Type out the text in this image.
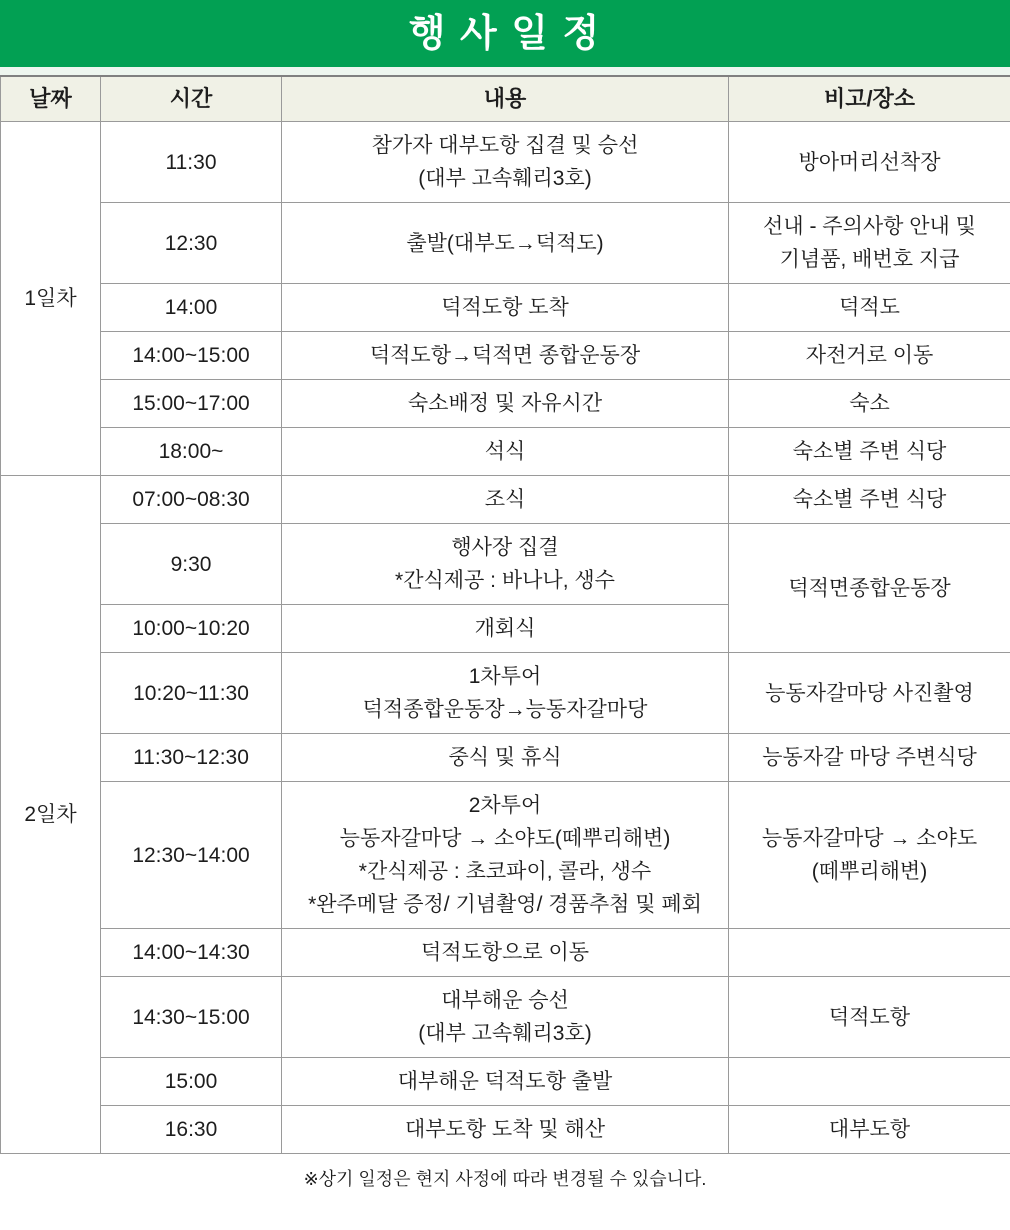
행 사 일 정
날짜	시간	내용	비고/장소

1일차	11:30	참가자 대부도항 집결 및 승선
(대부 고속훼리3호)	방아머리선착장

	12:30	출발(대부도→덕적도)	선내 - 주의사항 안내 및
기념품, 배번호 지급

	14:00	덕적도항 도착	덕적도

	14:00~15:00	덕적도항→덕적면 종합운동장	자전거로 이동

	15:00~17:00	숙소배정 및 자유시간	숙소

	18:00~	석식	숙소별 주변 식당

2일차	07:00~08:30	조식	숙소별 주변 식당

	9:30	행사장 집결
*간식제공 : 바나나, 생수	덕적면종합운동장

	10:00~10:20	개회식	

	10:20~11:30	1차투어
덕적종합운동장→능동자갈마당	능동자갈마당 사진촬영

	11:30~12:30	중식 및 휴식	능동자갈 마당 주변식당

	12:30~14:00	2차투어
능동자갈마당 → 소야도(떼뿌리해변)
*간식제공 : 초코파이, 콜라, 생수
*완주메달 증정/ 기념촬영/ 경품추첨 및 폐회	능동자갈마당 → 소야도
(떼뿌리해변)

	14:00~14:30	덕적도항으로 이동	

	14:30~15:00	대부해운 승선
(대부 고속훼리3호)	덕적도항

	15:00	대부해운 덕적도항 출발	

	16:30	대부도항 도착 및 해산	대부도항
※상기 일정은 현지 사정에 따라 변경될 수 있습니다.
